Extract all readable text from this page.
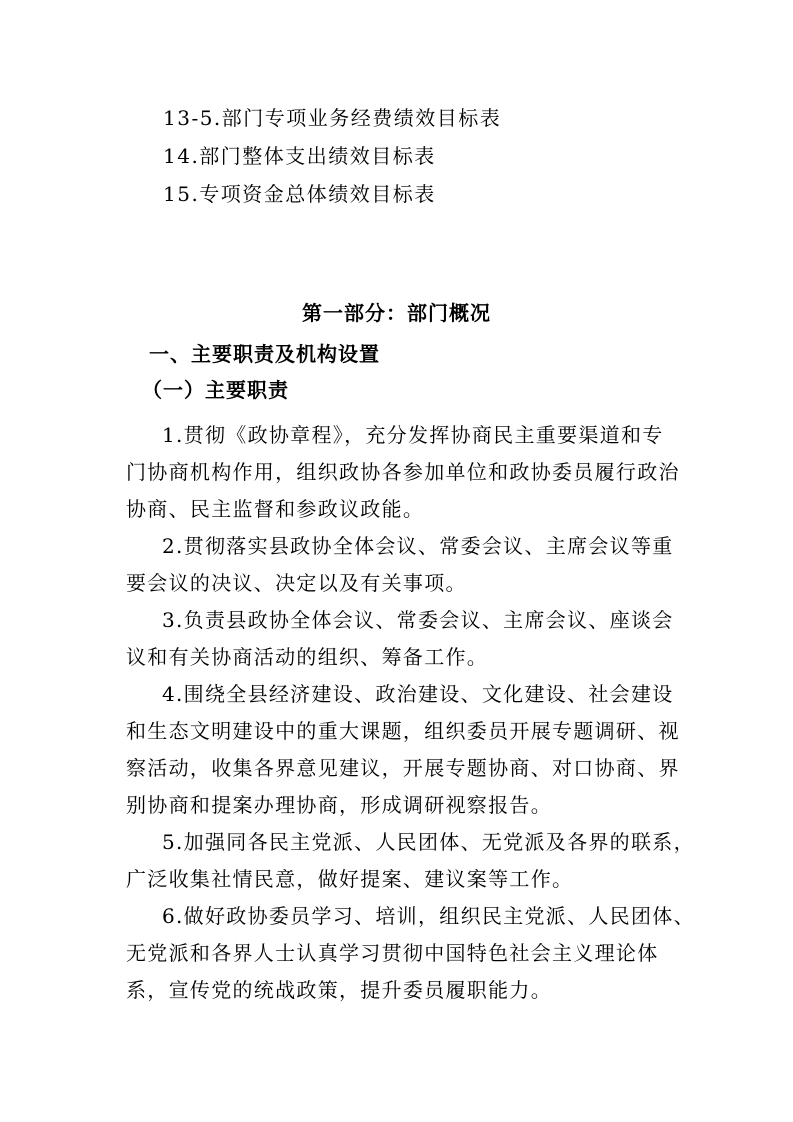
13-5.部门专项业务经费绩效目标表
14.部门整体支出绩效目标表
15.专项资金总体绩效目标表
第一部分：部门概况
一、主要职责及机构设置
（一）主要职责
1.贯彻《政协章程》，充分发挥协商民主重要渠道和专
门协商机构作用，组织政协各参加单位和政协委员履行政治
协商、民主监督和参政议政能。
2.贯彻落实县政协全体会议、常委会议、主席会议等重
要会议的决议、决定以及有关事项。
3.负责县政协全体会议、常委会议、主席会议、座谈会
议和有关协商活动的组织、筹备工作。
4.围绕全县经济建设、政治建设、文化建设、社会建设
和生态文明建设中的重大课题，组织委员开展专题调研、视
察活动，收集各界意见建议，开展专题协商、对口协商、界
别协商和提案办理协商，形成调研视察报告。
5.加强同各民主党派、人民团体、无党派及各界的联系，
广泛收集社情民意，做好提案、建议案等工作。
6.做好政协委员学习、培训，组织民主党派、人民团体、
无党派和各界人士认真学习贯彻中国特色社会主义理论体
系，宣传党的统战政策，提升委员履职能力。
